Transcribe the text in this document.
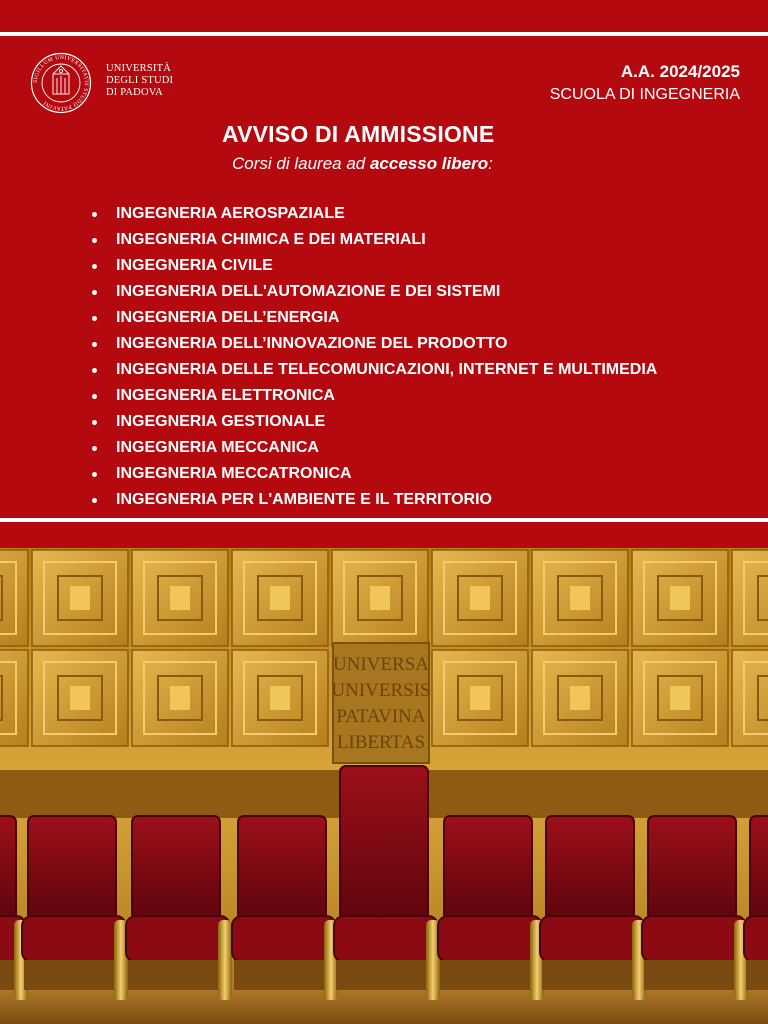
SIGILLUM UNIVERSITATIS STUDII PATAVINI
UNIVERSITÀ
DEGLI STUDI
DI PADOVA
A.A. 2024/2025
SCUOLA DI INGEGNERIA
AVVISO DI AMMISSIONE
Corsi di laurea ad accesso libero:
INGEGNERIA AEROSPAZIALE
INGEGNERIA CHIMICA E DEI MATERIALI
INGEGNERIA CIVILE
INGEGNERIA DELL'AUTOMAZIONE E DEI SISTEMI
INGEGNERIA DELL’ENERGIA
INGEGNERIA DELL’INNOVAZIONE DEL PRODOTTO
INGEGNERIA DELLE TELECOMUNICAZIONI, INTERNET E MULTIMEDIA
INGEGNERIA ELETTRONICA
INGEGNERIA GESTIONALE
INGEGNERIA MECCANICA
INGEGNERIA MECCATRONICA
INGEGNERIA PER L'AMBIENTE E IL TERRITORIO
UNIVERSA
UNIVERSIS
PATAVINA
LIBERTAS
